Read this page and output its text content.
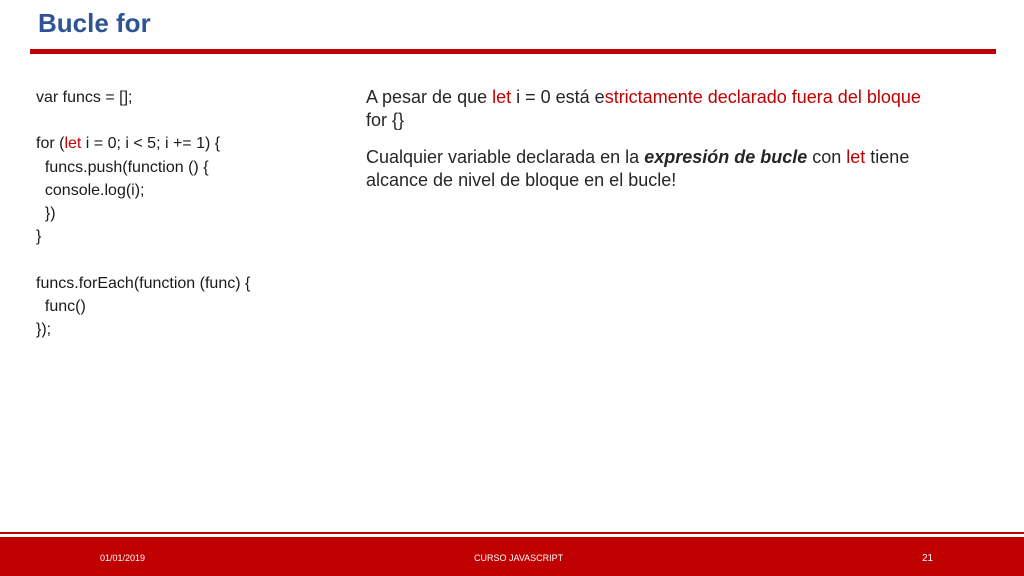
Bucle for
var funcs = [];
for (let i = 0; i < 5; i += 1) {
funcs.push(function () {
console.log(i);
})
}
funcs.forEach(function (func) {
func()
});

A pesar de que let i = 0 está estrictamente declarado fuera del bloque for {}

Cualquier variable declarada en la expresión de bucle con let tiene alcance de nivel de bloque en el bucle!

01/01/2019	CURSO JAVASCRIPT	21
